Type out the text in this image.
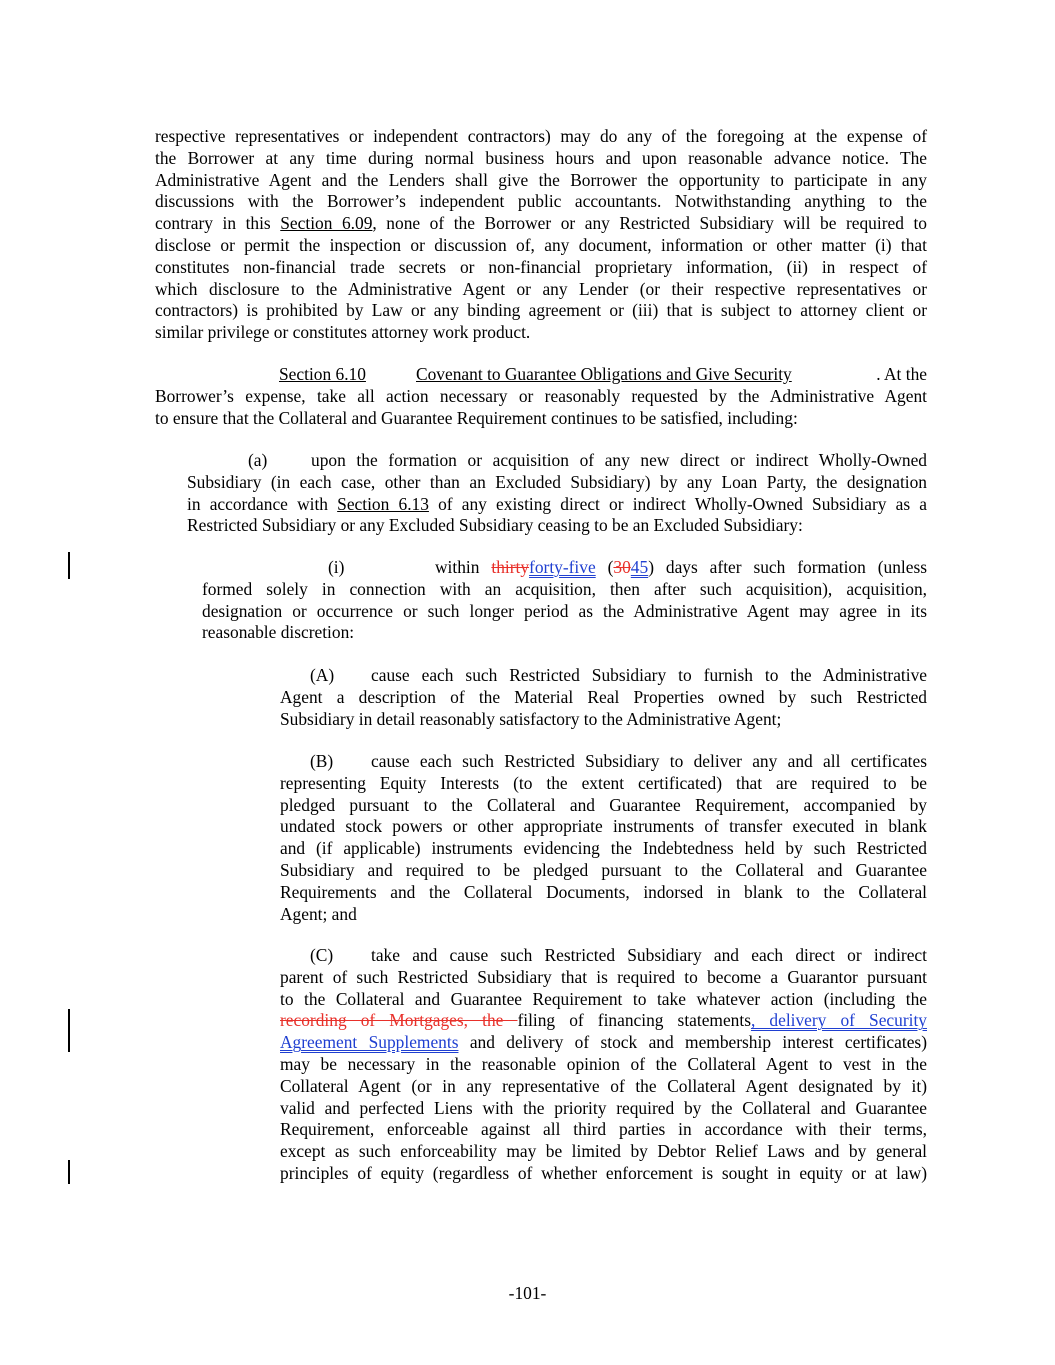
respective representatives or independent contractors) may do any of the foregoing at the expense of
the Borrower at any time during normal business hours and upon reasonable advance notice. The
Administrative Agent and the Lenders shall give the Borrower the opportunity to participate in any
discussions with the Borrower’s independent public accountants. Notwithstanding anything to the
contrary in this Section 6.09, none of the Borrower or any Restricted Subsidiary will be required to
disclose or permit the inspection or discussion of, any document, information or other matter (i) that
constitutes non-financial trade secrets or non-financial proprietary information, (ii) in respect of
which disclosure to the Administrative Agent or any Lender (or their respective representatives or
contractors) is prohibited by Law or any binding agreement or (iii) that is subject to attorney client or
similar privilege or constitutes attorney work product.
Section 6.10	Covenant to Guarantee Obligations and Give Security	. At the

Borrower’s expense, take all action necessary or reasonably requested by the Administrative Agent
to ensure that the Collateral and Guarantee Requirement continues to be satisfied, including:
(a)	upon the formation or acquisition of any new direct or indirect Wholly-Owned

Subsidiary (in each case, other than an Excluded Subsidiary) by any Loan Party, the designation
in accordance with Section 6.13 of any existing direct or indirect Wholly-Owned Subsidiary as a
Restricted Subsidiary or any Excluded Subsidiary ceasing to be an Excluded Subsidiary:
(i)	within thirtyforty-five (3045) days after such formation (unless

formed solely in connection with an acquisition, then after such acquisition), acquisition,
designation or occurrence or such longer period as the Administrative Agent may agree in its
reasonable discretion:
(A) cause each such Restricted Subsidiary to furnish to the Administrative

Agent a description of the Material Real Properties owned by such Restricted
Subsidiary in detail reasonably satisfactory to the Administrative Agent;
(B) cause each such Restricted Subsidiary to deliver any and all certificates

representing Equity Interests (to the extent certificated) that are required to be
pledged pursuant to the Collateral and Guarantee Requirement, accompanied by
undated stock powers or other appropriate instruments of transfer executed in blank
and (if applicable) instruments evidencing the Indebtedness held by such Restricted
Subsidiary and required to be pledged pursuant to the Collateral and Guarantee
Requirements and the Collateral Documents, indorsed in blank to the Collateral
Agent; and
(C) take and cause such Restricted Subsidiary and each direct or indirect

parent of such Restricted Subsidiary that is required to become a Guarantor pursuant
to the Collateral and Guarantee Requirement to take whatever action (including the
recording of Mortgages, the filing of financing statements, delivery of Security
Agreement Supplements and delivery of stock and membership interest certificates)
may be necessary in the reasonable opinion of the Collateral Agent to vest in the
Collateral Agent (or in any representative of the Collateral Agent designated by it)
valid and perfected Liens with the priority required by the Collateral and Guarantee
Requirement, enforceable against all third parties in accordance with their terms,
except as such enforceability may be limited by Debtor Relief Laws and by general
principles of equity (regardless of whether enforcement is sought in equity or at law)
-101-
